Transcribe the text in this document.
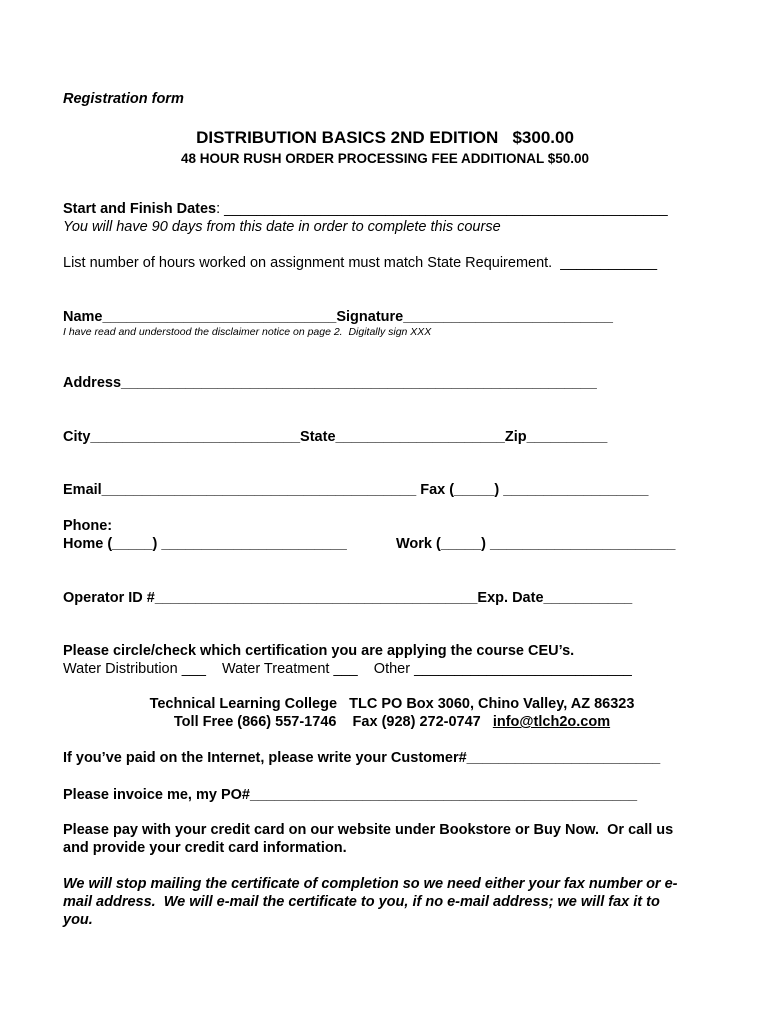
Registration form
DISTRIBUTION BASICS 2ND EDITION   $300.00
48 HOUR RUSH ORDER PROCESSING FEE ADDITIONAL $50.00
Start and Finish Dates: _______________________________________________________
You will have 90 days from this date in order to complete this course
List number of hours worked on assignment must match State Requirement. ____________
Name_____________________________Signature__________________________
I have read and understood the disclaimer notice on page 2.  Digitally sign XXX
Address___________________________________________________________
City__________________________State_____________________Zip__________
Email_______________________________________ Fax (_____) __________________
Phone:
Home (_____) _______________________	Work (_____) _______________________
Operator ID #________________________________________Exp. Date___________
Please circle/check which certification you are applying the course CEU’s.
Water Distribution ___    Water Treatment ___    Other ___________________________
Technical Learning College   TLC PO Box 3060, Chino Valley, AZ 86323
Toll Free (866) 557-1746    Fax (928) 272-0747   info@tlch2o.com
If you’ve paid on the Internet, please write your Customer#________________________
Please invoice me, my PO#________________________________________________
Please pay with your credit card on our website under Bookstore or Buy Now.  Or call us
and provide your credit card information.
We will stop mailing the certificate of completion so we need either your fax number or e-
mail address.  We will e-mail the certificate to you, if no e-mail address; we will fax it to
you.
